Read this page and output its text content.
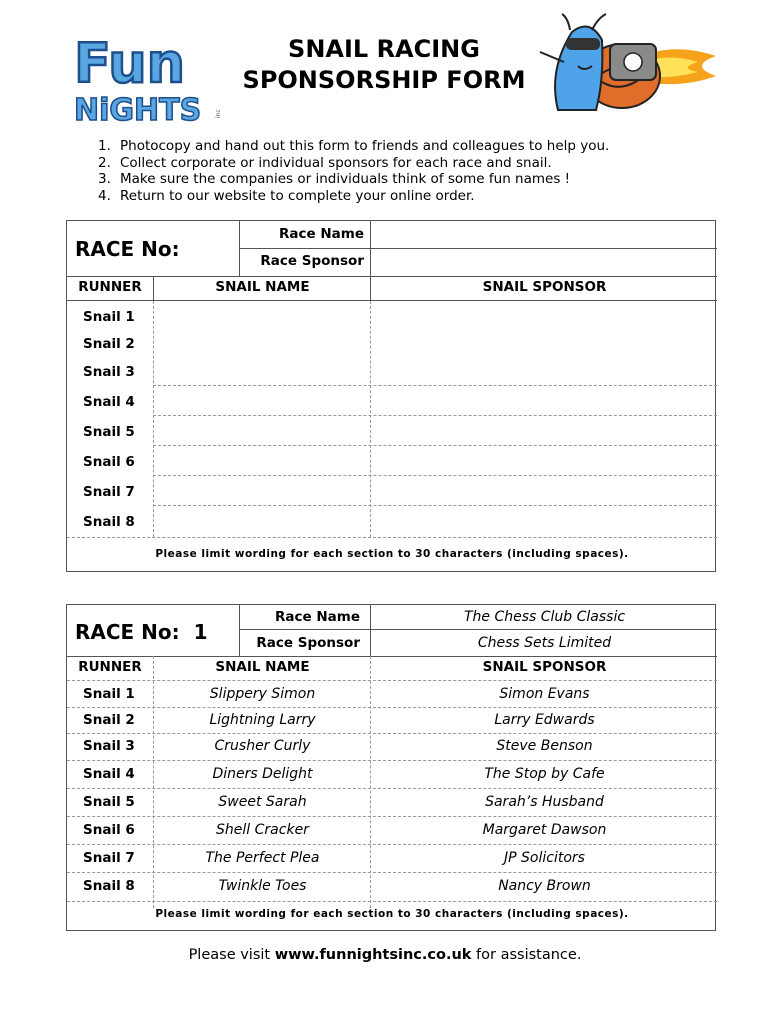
Fun
NiGHTS inc
SNAIL RACING
SPONSORSHIP FORM
1. Photocopy and hand out this form to friends and colleagues to help you.
2. Collect corporate or individual sponsors for each race and snail.
3. Make sure the companies or individuals think of some fun names !
4. Return to our website to complete your online order.
RACE No:
Race Name
Race Sponsor
RUNNER	SNAIL NAME	SNAIL SPONSOR
Snail 1
Snail 2
Snail 3
Snail 4
Snail 5
Snail 6
Snail 7
Snail 8
Please limit wording for each section to 30 characters (including spaces).
RACE No: 1
Race Name	The Chess Club Classic
Race Sponsor	Chess Sets Limited
RUNNER	SNAIL NAME	SNAIL SPONSOR
Snail 1	Slippery Simon	Simon Evans
Snail 2	Lightning Larry	Larry Edwards
Snail 3	Crusher Curly	Steve Benson
Snail 4	Diners Delight	The Stop by Cafe
Snail 5	Sweet Sarah	Sarah’s Husband
Snail 6	Shell Cracker	Margaret Dawson
Snail 7	The Perfect Plea	JP Solicitors
Snail 8	Twinkle Toes	Nancy Brown
Please limit wording for each section to 30 characters (including spaces).
Please visit www.funnightsinc.co.uk for assistance.
